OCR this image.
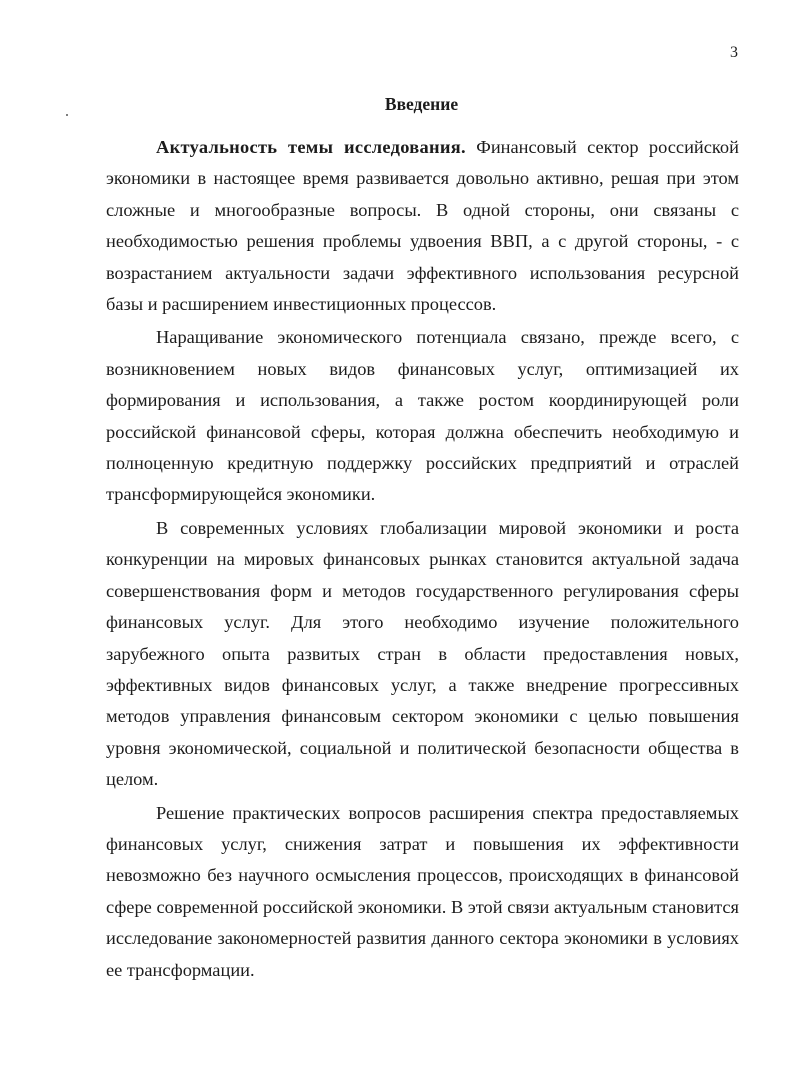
3
Введение

Актуальность темы исследования. Финансовый сектор российской экономики в настоящее время развивается довольно активно, решая при этом сложные и многообразные вопросы. В одной стороны, они связаны с необходимостью решения проблемы удвоения ВВП, а с другой стороны, - с возрастанием актуальности задачи эффективного использования ресурсной базы и расширением инвестиционных процессов.

Наращивание экономического потенциала связано, прежде всего, с возникновением новых видов финансовых услуг, оптимизацией их формирования и использования, а также ростом координирующей роли российской финансовой сферы, которая должна обеспечить необходимую и полноценную кредитную поддержку российских предприятий и отраслей трансформирующейся экономики.

В современных условиях глобализации мировой экономики и роста конкуренции на мировых финансовых рынках становится актуальной задача совершенствования форм и методов государственного регулирования сферы финансовых услуг. Для этого необходимо изучение положительного зарубежного опыта развитых стран в области предоставления новых, эффективных видов финансовых услуг, а также внедрение прогрессивных методов управления финансовым сектором экономики с целью повышения уровня экономической, социальной и политической безопасности общества в целом.

Решение практических вопросов расширения спектра предоставляемых финансовых услуг, снижения затрат и повышения их эффективности невозможно без научного осмысления процессов, происходящих в финансовой сфере современной российской экономики. В этой связи актуальным становится исследование закономерностей развития данного сектора экономики в условиях ее трансформации.
